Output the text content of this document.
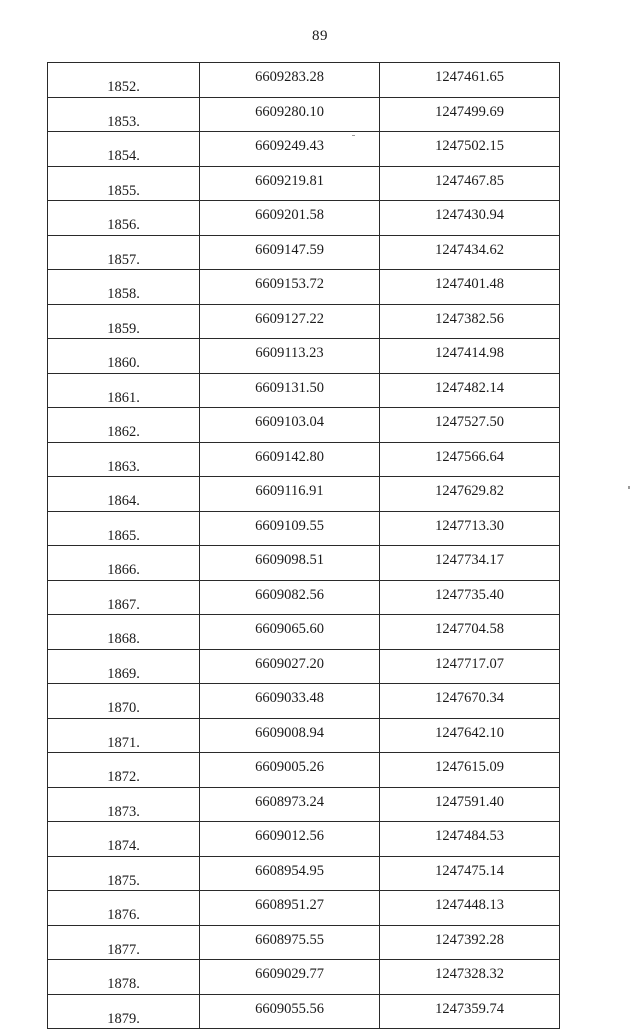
89
1852.	6609283.28	1247461.65
1853.	6609280.10	1247499.69
1854.	6609249.43	1247502.15
1855.	6609219.81	1247467.85
1856.	6609201.58	1247430.94
1857.	6609147.59	1247434.62
1858.	6609153.72	1247401.48
1859.	6609127.22	1247382.56
1860.	6609113.23	1247414.98
1861.	6609131.50	1247482.14
1862.	6609103.04	1247527.50
1863.	6609142.80	1247566.64
1864.	6609116.91	1247629.82
1865.	6609109.55	1247713.30
1866.	6609098.51	1247734.17
1867.	6609082.56	1247735.40
1868.	6609065.60	1247704.58
1869.	6609027.20	1247717.07
1870.	6609033.48	1247670.34
1871.	6609008.94	1247642.10
1872.	6609005.26	1247615.09
1873.	6608973.24	1247591.40
1874.	6609012.56	1247484.53
1875.	6608954.95	1247475.14
1876.	6608951.27	1247448.13
1877.	6608975.55	1247392.28
1878.	6609029.77	1247328.32
1879.	6609055.56	1247359.74
